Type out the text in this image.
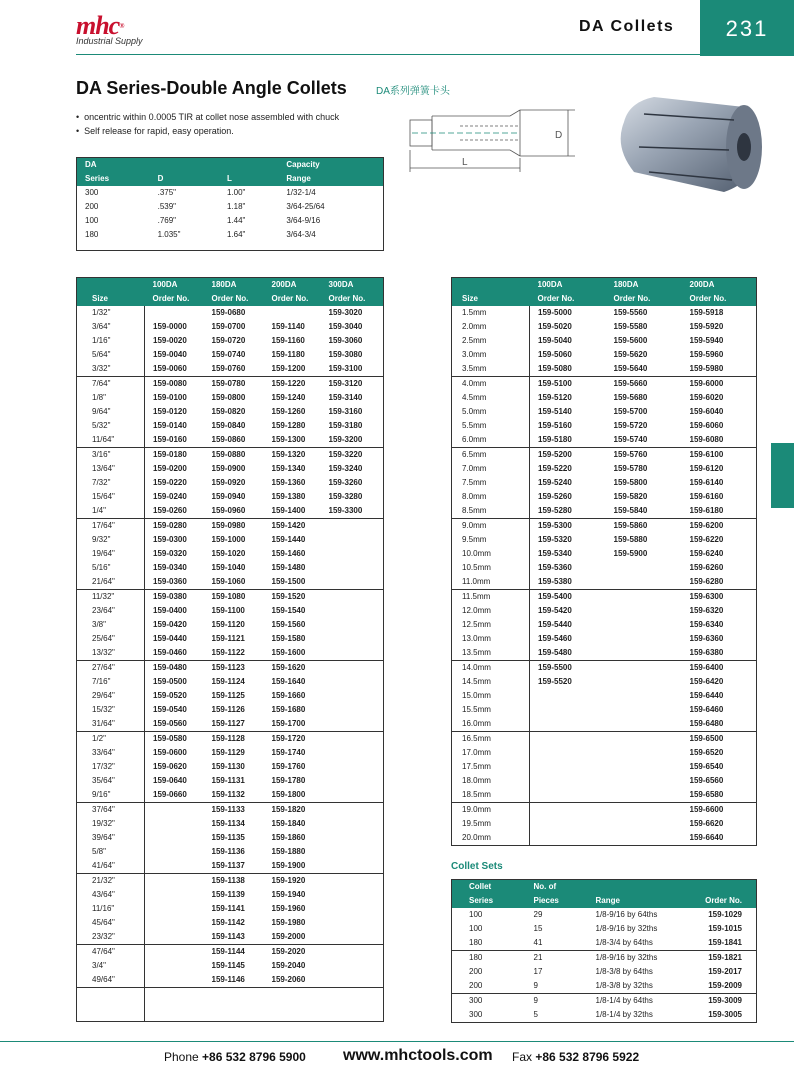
mhc®
Industrial Supply
DA Collets	231
DA Series-Double Angle Collets	DA系列弹簧卡头
• oncentric within 0.0005 TIR at collet nose assembled with chuck
• Self release for rapid, easy operation.	D
L
DA			Capacity
Series	D	L	Range
300	.375"	1.00"	1/32-1/4
200	.539"	1.18"	3/64-25/64
100	.769"	1.44"	3/64-9/16
180	1.035"	1.64"	3/64-3/4

	100DA	180DA	200DA	300DA
Size	Order No.	Order No.	Order No.	Order No.
1/32"		159-0680		159-3020
3/64"	159-0000	159-0700	159-1140	159-3040
1/16"	159-0020	159-0720	159-1160	159-3060
5/64"	159-0040	159-0740	159-1180	159-3080
3/32"	159-0060	159-0760	159-1200	159-3100
7/64"	159-0080	159-0780	159-1220	159-3120
1/8"	159-0100	159-0800	159-1240	159-3140
9/64"	159-0120	159-0820	159-1260	159-3160
5/32"	159-0140	159-0840	159-1280	159-3180
11/64"	159-0160	159-0860	159-1300	159-3200
3/16"	159-0180	159-0880	159-1320	159-3220
13/64"	159-0200	159-0900	159-1340	159-3240
7/32"	159-0220	159-0920	159-1360	159-3260
15/64"	159-0240	159-0940	159-1380	159-3280
1/4"	159-0260	159-0960	159-1400	159-3300
17/64"	159-0280	159-0980	159-1420	
9/32"	159-0300	159-1000	159-1440	
19/64"	159-0320	159-1020	159-1460	
5/16"	159-0340	159-1040	159-1480	
21/64"	159-0360	159-1060	159-1500	
11/32"	159-0380	159-1080	159-1520	
23/64"	159-0400	159-1100	159-1540	
3/8"	159-0420	159-1120	159-1560	
25/64"	159-0440	159-1121	159-1580	
13/32"	159-0460	159-1122	159-1600	
27/64"	159-0480	159-1123	159-1620	
7/16"	159-0500	159-1124	159-1640	
29/64"	159-0520	159-1125	159-1660	
15/32"	159-0540	159-1126	159-1680	
31/64"	159-0560	159-1127	159-1700	
1/2"	159-0580	159-1128	159-1720	
33/64"	159-0600	159-1129	159-1740	
17/32"	159-0620	159-1130	159-1760	
35/64"	159-0640	159-1131	159-1780	
9/16"	159-0660	159-1132	159-1800	
37/64"		159-1133	159-1820	
19/32"		159-1134	159-1840	
39/64"		159-1135	159-1860	
5/8"		159-1136	159-1880	
41/64"		159-1137	159-1900	
21/32"		159-1138	159-1920	
43/64"		159-1139	159-1940	
11/16"		159-1141	159-1960	
45/64"		159-1142	159-1980	
23/32"		159-1143	159-2000	
47/64"		159-1144	159-2020	
3/4"		159-1145	159-2040	
49/64"		159-1146	159-2060	

	100DA	180DA	200DA
Size	Order No.	Order No.	Order No.
1.5mm	159-5000	159-5560	159-5918
2.0mm	159-5020	159-5580	159-5920
2.5mm	159-5040	159-5600	159-5940
3.0mm	159-5060	159-5620	159-5960
3.5mm	159-5080	159-5640	159-5980
4.0mm	159-5100	159-5660	159-6000
4.5mm	159-5120	159-5680	159-6020
5.0mm	159-5140	159-5700	159-6040
5.5mm	159-5160	159-5720	159-6060
6.0mm	159-5180	159-5740	159-6080
6.5mm	159-5200	159-5760	159-6100
7.0mm	159-5220	159-5780	159-6120
7.5mm	159-5240	159-5800	159-6140
8.0mm	159-5260	159-5820	159-6160
8.5mm	159-5280	159-5840	159-6180
9.0mm	159-5300	159-5860	159-6200
9.5mm	159-5320	159-5880	159-6220
10.0mm	159-5340	159-5900	159-6240
10.5mm	159-5360		159-6260
11.0mm	159-5380		159-6280
11.5mm	159-5400		159-6300
12.0mm	159-5420		159-6320
12.5mm	159-5440		159-6340
13.0mm	159-5460		159-6360
13.5mm	159-5480		159-6380
14.0mm	159-5500		159-6400
14.5mm	159-5520		159-6420
15.0mm			159-6440
15.5mm			159-6460
16.0mm			159-6480
16.5mm			159-6500
17.0mm			159-6520
17.5mm			159-6540
18.0mm			159-6560
18.5mm			159-6580
19.0mm			159-6600
19.5mm			159-6620
20.0mm			159-6640
Collet Sets
Collet	No. of		
Series	Pieces	Range	Order No.
100	29	1/8-9/16 by 64ths	159-1029
100	15	1/8-9/16 by 32ths	159-1015
180	41	1/8-3/4 by 64ths	159-1841
180	21	1/8-9/16 by 32ths	159-1821
200	17	1/8-3/8 by 64ths	159-2017
200	9	1/8-3/8 by 32ths	159-2009
300	9	1/8-1/4 by 64ths	159-3009
300	5	1/8-1/4 by 32ths	159-3005
Phone +86 532 8796 5900 www.mhctools.com Fax +86 532 8796 5922
